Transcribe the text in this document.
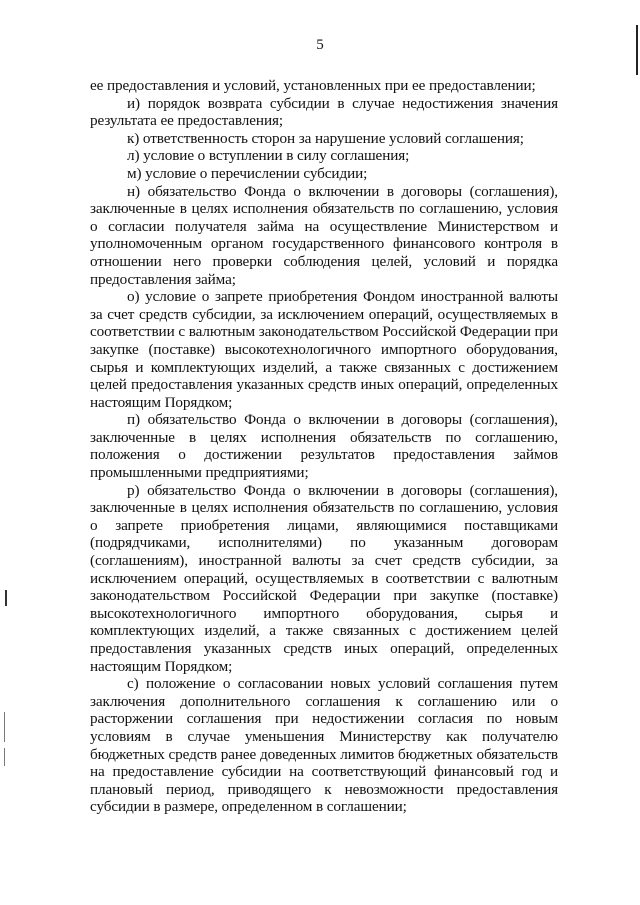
5

ее предоставления и условий, установленных при ее предоставлении;

и) порядок возврата субсидии в случае недостижения значения результата ее предоставления;

к) ответственность сторон за нарушение условий соглашения;

л) условие о вступлении в силу соглашения;

м) условие о перечислении субсидии;

н) обязательство Фонда о включении в договоры (соглашения), заключенные в целях исполнения обязательств по соглашению, условия о согласии получателя займа на осуществление Министерством и уполномоченным органом государственного финансового контроля в отношении него проверки соблюдения целей, условий и порядка предоставления займа;

о) условие о запрете приобретения Фондом иностранной валюты за счет средств субсидии, за исключением операций, осуществляемых в соответствии с валютным законодательством Российской Федерации при закупке (поставке) высокотехнологичного импортного оборудования, сырья и комплектующих изделий, а также связанных с достижением целей предоставления указанных средств иных операций, определенных настоящим Порядком;

п) обязательство Фонда о включении в договоры (соглашения), заключенные в целях исполнения обязательств по соглашению, положения о достижении результатов предоставления займов промышленными предприятиями;

р) обязательство Фонда о включении в договоры (соглашения), заключенные в целях исполнения обязательств по соглашению, условия о запрете приобретения лицами, являющимися поставщиками (подрядчиками, исполнителями) по указанным договорам (соглашениям), иностранной валюты за счет средств субсидии, за исключением операций, осуществляемых в соответствии с валютным законодательством Российской Федерации при закупке (поставке) высокотехнологичного импортного оборудования, сырья и комплектующих изделий, а также связанных с достижением целей предоставления указанных средств иных операций, определенных настоящим Порядком;

с) положение о согласовании новых условий соглашения путем заключения дополнительного соглашения к соглашению или о расторжении соглашения при недостижении согласия по новым условиям в случае уменьшения Министерству как получателю бюджетных средств ранее доведенных лимитов бюджетных обязательств на предоставление субсидии на соответствующий финансовый год и плановый период, приводящего к невозможности предоставления субсидии в размере, определенном в соглашении;
